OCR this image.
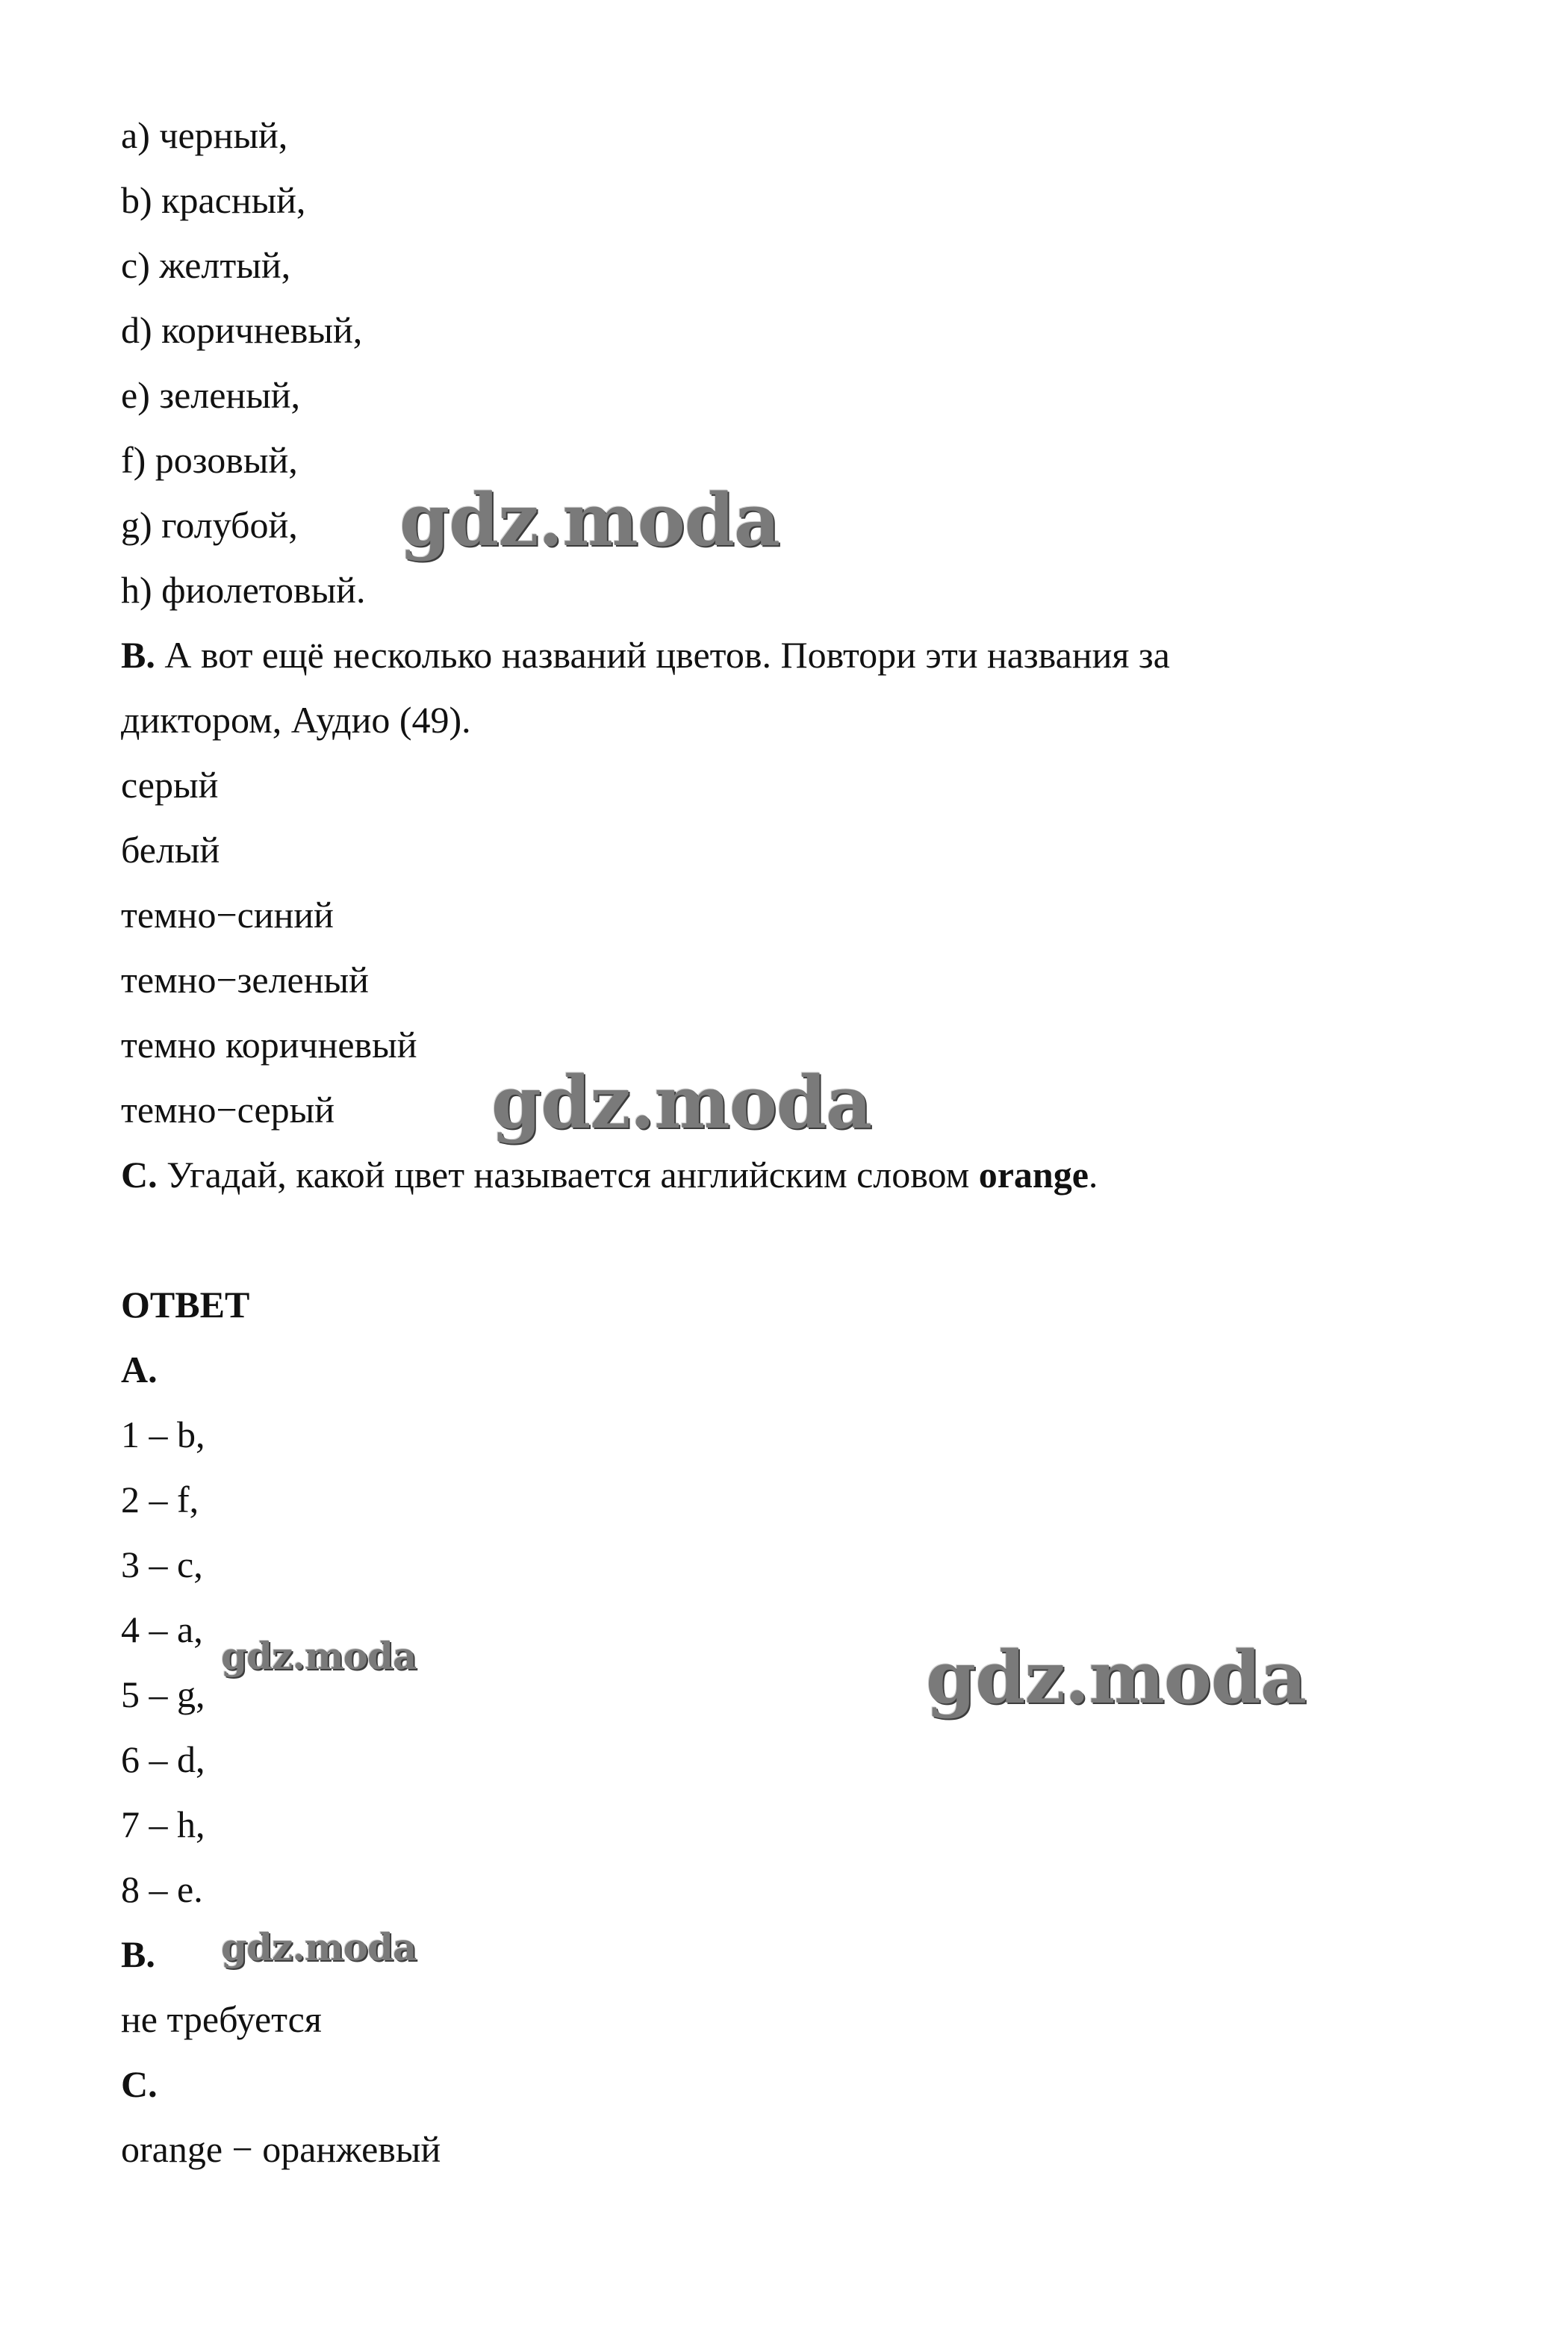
a) черный,
b) красный,
c) желтый,
d) коричневый,
e) зеленый,
f) розовый,
g) голубой,
h) фиолетовый.
B. А вот ещё несколько названий цветов. Повтори эти названия за
диктором, Аудио (49).
серый
белый
темно−синий
темно−зеленый
темно коричневый
темно−серый
C. Угадай, какой цвет называется английским словом orange.
ОТВЕТ
A.
1 – b,
2 – f,
3 – c,
4 – a,
5 – g,
6 – d,
7 – h,
8 – e.
B.
не требуется
C.
orange − оранжевый
gdz.moda
gdz.moda
gdz.moda
gdz.moda
gdz.moda
